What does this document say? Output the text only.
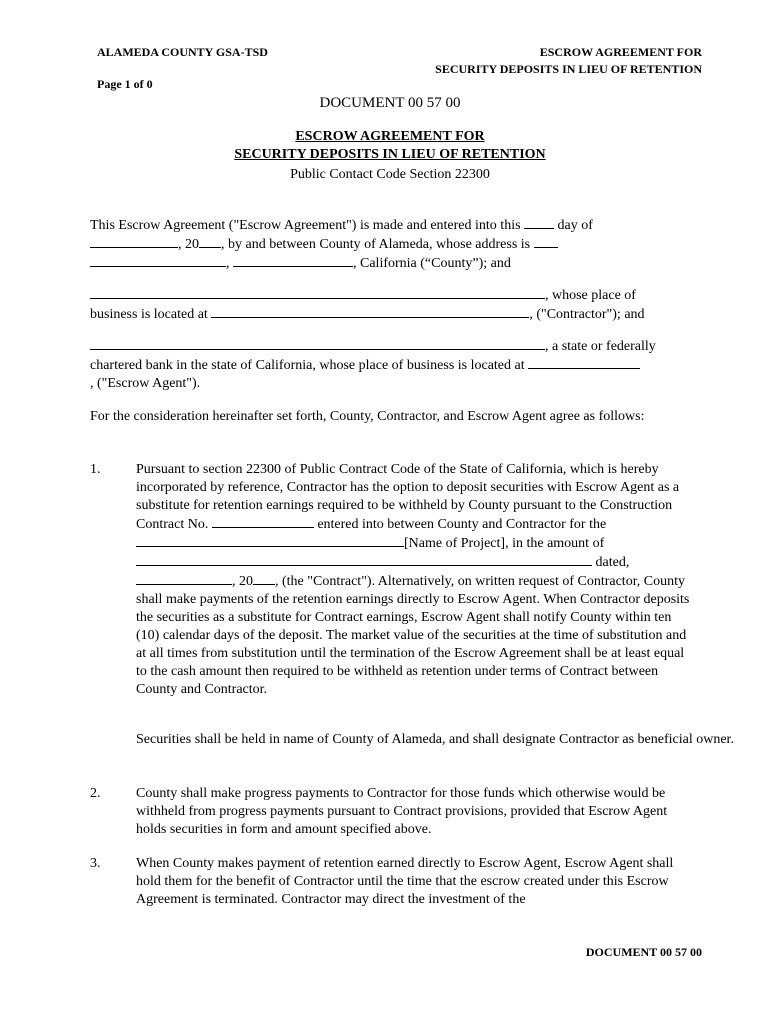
ALAMEDA COUNTY GSA-TSD	ESCROW AGREEMENT FOR
SECURITY DEPOSITS IN LIEU OF RETENTION
Page 1 of 0
DOCUMENT 00 57 00
ESCROW AGREEMENT FOR
SECURITY DEPOSITS IN LIEU OF RETENTION
Public Contact Code Section 22300
This Escrow Agreement ("Escrow Agreement") is made and entered into this	day of
, 20 , by and between County of Alameda, whose address is
,	, California (“County”); and
, whose place of
business is located at	, ("Contractor"); and
, a state or federally
chartered bank in the state of California, whose place of business is located at
, ("Escrow Agent").
For the consideration hereinafter set forth, County, Contractor, and Escrow Agent agree as follows:
1.	Pursuant to section 22300 of Public Contract Code of the State of California, which is hereby incorporated by reference, Contractor has the option to deposit securities with Escrow Agent as a substitute for retention earnings required to be withheld by County pursuant to the Construction Contract No.	entered into between County and Contractor for the [Name of Project], in the amount of  dated, , 20 , (the "Contract"). Alternatively, on written request of Contractor, County shall make payments of the retention earnings directly to Escrow Agent. When Contractor deposits the securities as a substitute for Contract earnings, Escrow Agent shall notify County within ten (10) calendar days of the deposit. The market value of the securities at the time of substitution and at all times from substitution until the termination of the Escrow Agreement shall be at least equal to the cash amount then required to be withheld as retention under terms of Contract between County and Contractor.
Securities shall be held in name of County of Alameda, and shall designate Contractor as beneficial owner.
2.	County shall make progress payments to Contractor for those funds which otherwise would be withheld from progress payments pursuant to Contract provisions, provided that Escrow Agent holds securities in form and amount specified above.
3.	When County makes payment of retention earned directly to Escrow Agent, Escrow Agent shall hold them for the benefit of Contractor until the time that the escrow created under this Escrow Agreement is terminated. Contractor may direct the investment of the
DOCUMENT 00 57 00
